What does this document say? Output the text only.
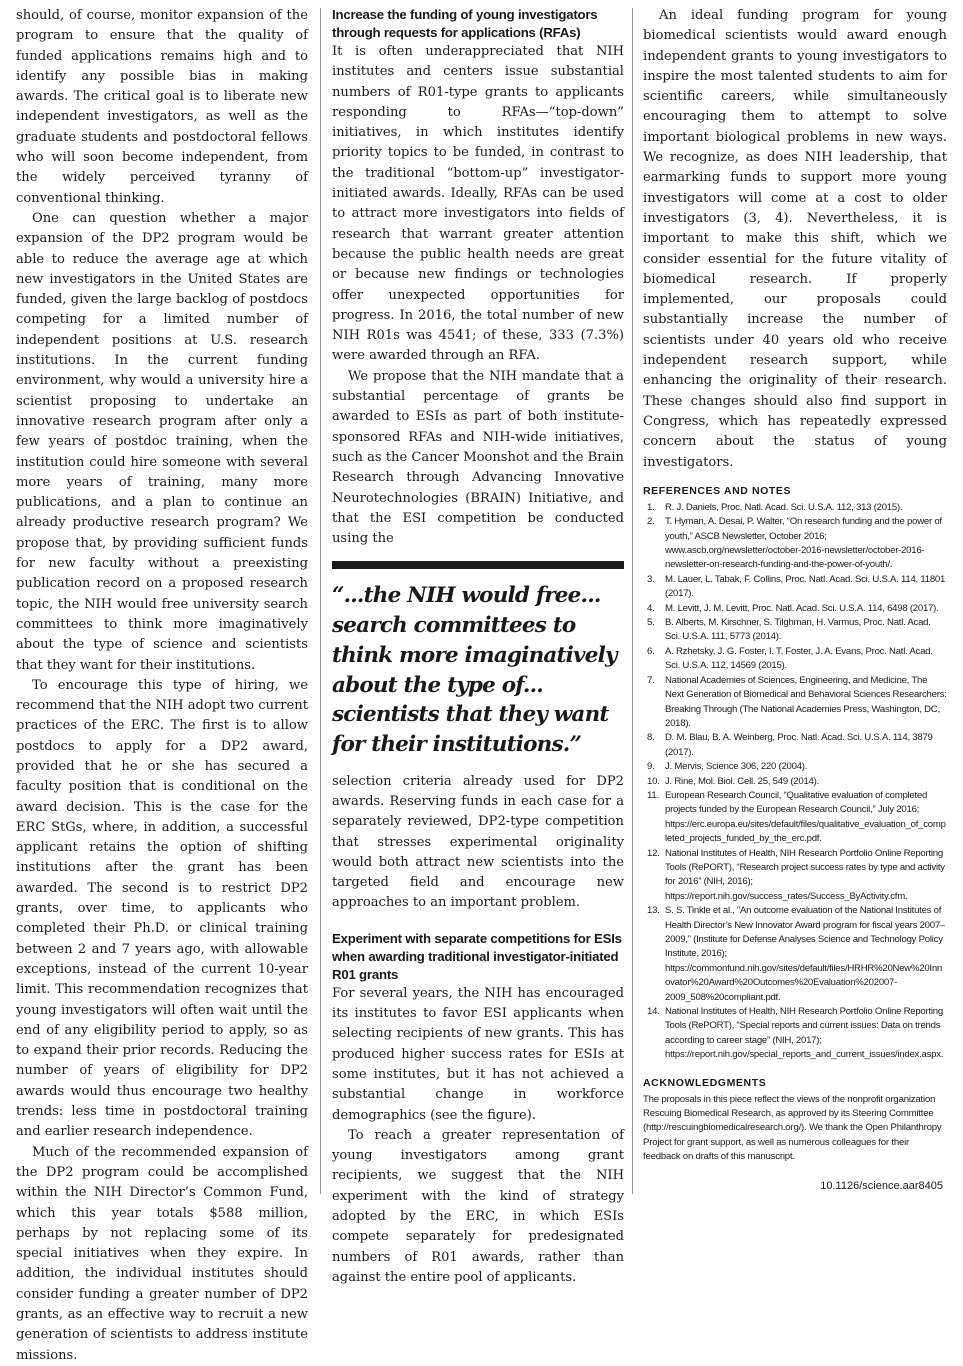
should, of course, monitor expansion of the program to ensure that the quality of funded applications remains high and to identify any possible bias in making awards. The critical goal is to liberate new independent investigators, as well as the graduate students and postdoctoral fellows who will soon become independent, from the widely perceived tyranny of conventional thinking.

One can question whether a major expansion of the DP2 program would be able to reduce the average age at which new investigators in the United States are funded, given the large backlog of postdocs competing for a limited number of independent positions at U.S. research institutions. In the current funding environment, why would a university hire a scientist proposing to undertake an innovative research program after only a few years of postdoc training, when the institution could hire someone with several more years of training, many more publications, and a plan to continue an already productive research program? We propose that, by providing sufficient funds for new faculty without a preexisting publication record on a proposed research topic, the NIH would free university search committees to think more imaginatively about the type of science and scientists that they want for their institutions.

To encourage this type of hiring, we recommend that the NIH adopt two current practices of the ERC. The first is to allow postdocs to apply for a DP2 award, provided that he or she has secured a faculty position that is conditional on the award decision. This is the case for the ERC StGs, where, in addition, a successful applicant retains the option of shifting institutions after the grant has been awarded. The second is to restrict DP2 grants, over time, to applicants who completed their Ph.D. or clinical training between 2 and 7 years ago, with allowable exceptions, instead of the current 10-year limit. This recommendation recognizes that young investigators will often wait until the end of any eligibility period to apply, so as to expand their prior records. Reducing the number of years of eligibility for DP2 awards would thus encourage two healthy trends: less time in postdoctoral training and earlier research independence.

Much of the recommended expansion of the DP2 program could be accomplished within the NIH Director’s Common Fund, which this year totals $588 million, perhaps by not replacing some of its special initiatives when they expire. In addition, the individual institutes should consider funding a greater number of DP2 grants, as an effective way to recruit a new generation of scientists to address institute missions.

Increase the funding of young investigators through requests for applications (RFAs)

It is often underappreciated that NIH institutes and centers issue substantial numbers of R01-type grants to applicants responding to RFAs—“top-down” initiatives, in which institutes identify priority topics to be funded, in contrast to the traditional “bottom-up” investigator-initiated awards. Ideally, RFAs can be used to attract more investigators into fields of research that warrant greater attention because the public health needs are great or because new findings or technologies offer unexpected opportunities for progress. In 2016, the total number of new NIH R01s was 4541; of these, 333 (7.3%) were awarded through an RFA.

We propose that the NIH mandate that a substantial percentage of grants be awarded to ESIs as part of both institute-sponsored RFAs and NIH-wide initiatives, such as the Cancer Moonshot and the Brain Research through Advancing Innovative Neurotechnologies (BRAIN) Initiative, and that the ESI competition be conducted using the

“...the NIH would free... search committees to think more imaginatively about the type of... scientists that they want for their institutions.”

selection criteria already used for DP2 awards. Reserving funds in each case for a separately reviewed, DP2-type competition that stresses experimental originality would both attract new scientists into the targeted field and encourage new approaches to an important problem.

Experiment with separate competitions for ESIs when awarding traditional investigator-initiated R01 grants

For several years, the NIH has encouraged its institutes to favor ESI applicants when selecting recipients of new grants. This has produced higher success rates for ESIs at some institutes, but it has not achieved a substantial change in workforce demographics (see the figure).

To reach a greater representation of young investigators among grant recipients, we suggest that the NIH experiment with the kind of strategy adopted by the ERC, in which ESIs compete separately for predesignated numbers of R01 awards, rather than against the entire pool of applicants.

An ideal funding program for young biomedical scientists would award enough independent grants to young investigators to inspire the most talented students to aim for scientific careers, while simultaneously encouraging them to attempt to solve important biological problems in new ways. We recognize, as does NIH leadership, that earmarking funds to support more young investigators will come at a cost to older investigators (3, 4). Nevertheless, it is important to make this shift, which we consider essential for the future vitality of biomedical research. If properly implemented, our proposals could substantially increase the number of scientists under 40 years old who receive independent research support, while enhancing the originality of their research. These changes should also find support in Congress, which has repeatedly expressed concern about the status of young investigators.

REFERENCES AND NOTES
1. R. J. Daniels, Proc. Natl. Acad. Sci. U.S.A. 112, 313 (2015).
2. T. Hyman, A. Desai, P. Walter, “On research funding and the power of youth,” ASCB Newsletter, October 2016; www.ascb.org/newsletter/october-2016-newsletter/october-2016-newsletter-on-research-funding-and-the-power-of-youth/.
3. M. Lauer, L. Tabak, F. Collins, Proc. Natl. Acad. Sci. U.S.A. 114, 11801 (2017).
4. M. Levitt, J. M. Levitt, Proc. Natl. Acad. Sci. U.S.A. 114, 6498 (2017).
5. B. Alberts, M. Kirschner, S. Tilghman, H. Varmus, Proc. Natl. Acad. Sci. U.S.A. 111, 5773 (2014).
6. A. Rzhetsky, J. G. Foster, I. T. Foster, J. A. Evans, Proc. Natl. Acad. Sci. U.S.A. 112, 14569 (2015).
7. National Academies of Sciences, Engineering, and Medicine, The Next Generation of Biomedical and Behavioral Sciences Researchers: Breaking Through (The National Academies Press, Washington, DC, 2018).
8. D. M. Blau, B. A. Weinberg, Proc. Natl. Acad. Sci. U.S.A. 114, 3879 (2017).
9. J. Mervis, Science 306, 220 (2004).
10. J. Rine, Mol. Biol. Cell. 25, 549 (2014).
11. European Research Council, “Qualitative evaluation of completed projects funded by the European Research Council,” July 2016; https://erc.europa.eu/sites/default/files/qualitative_evaluation_of_completed_projects_funded_by_the_erc.pdf.
12. National Institutes of Health, NIH Research Portfolio Online Reporting Tools (RePORT), “Research project success rates by type and activity for 2016” (NIH, 2016); https://report.nih.gov/success_rates/Success_ByActivity.cfm.
13. S. S. Tinkle et al., “An outcome evaluation of the National Institutes of Health Director’s New Innovator Award program for fiscal years 2007–2009,” (Institute for Defense Analyses Science and Technology Policy Institute, 2016); https://commonfund.nih.gov/sites/default/files/HRHR%20New%20Innovator%20Award%20Outcomes%20Evaluation%202007-2009_508%20compliant.pdf.
14. National Institutes of Health, NIH Research Portfolio Online Reporting Tools (RePORT), “Special reports and current issues: Data on trends according to career stage” (NIH, 2017); https://report.nih.gov/special_reports_and_current_issues/index.aspx.
ACKNOWLEDGMENTS

The proposals in this piece reflect the views of the nonprofit organization Rescuing Biomedical Research, as approved by its Steering Committee (http://rescuingbiomedicalresearch.org/). We thank the Open Philanthropy Project for grant support, as well as numerous colleagues for their feedback on drafts of this manuscript.

10.1126/science.aar8405
